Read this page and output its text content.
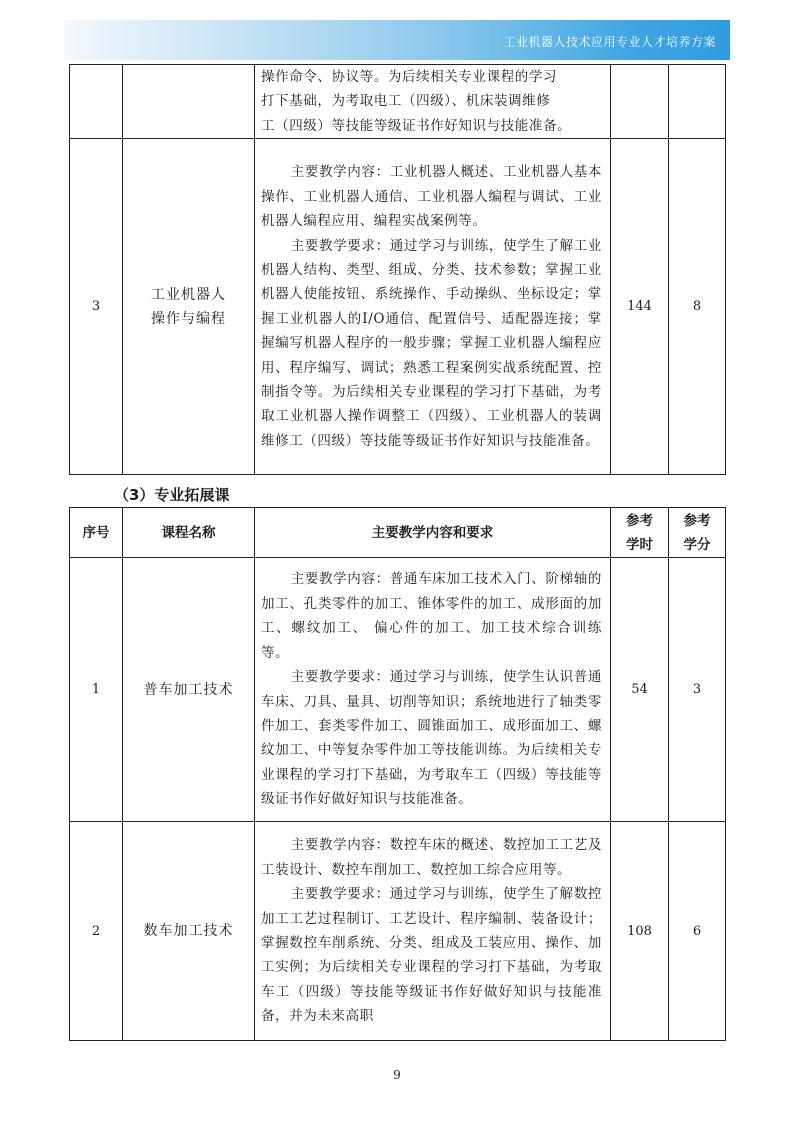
工业机器人技术应用专业人才培养方案

		操作命令、协议等。为后续相关专业课程的学习
打下基础，为考取电工（四级）、机床装调维修
工（四级）等技能等级证书作好知识与技能准备。		

3	工业机器人操作与编程	主要教学内容：工业机器人概述、工业机器人基本操作、工业机器人通信、工业机器人编程与调试、工业机器人编程应用、编程实战案例等。

主要教学要求：通过学习与训练，使学生了解工业机器人结构、类型、组成、分类、技术参数；掌握工业机器人使能按钮、系统操作、手动操纵、坐标设定；掌握工业机器人的I/O通信、配置信号、适配器连接；掌握编写机器人程序的一般步骤；掌握工业机器人编程应用、程序编写、调试；熟悉工程案例实战系统配置、控制指令等。为后续相关专业课程的学习打下基础，为考取工业机器人操作调整工（四级）、工业机器人的装调维修工（四级）等技能等级证书作好知识与技能准备。	144	8
（3）专业拓展课
序号	课程名称	主要教学内容和要求	参考学时	参考学分

1	普车加工技术	主要教学内容：普通车床加工技术入门、阶梯轴的加工、孔类零件的加工、锥体零件的加工、成形面的加工、螺纹加工、 偏心件的加工、加工技术综合训练等。

主要教学要求：通过学习与训练，使学生认识普通车床、刀具、量具、切削等知识；系统地进行了轴类零件加工、套类零件加工、圆锥面加工、成形面加工、螺纹加工、中等复杂零件加工等技能训练。为后续相关专业课程的学习打下基础，为考取车工（四级）等技能等级证书作好做好知识与技能准备。	54	3
2	数车加工技术	主要教学内容：数控车床的概述、数控加工工艺及工装设计、数控车削加工、数控加工综合应用等。

主要教学要求：通过学习与训练，使学生了解数控加工工艺过程制订、工艺设计、程序编制、装备设计；掌握数控车削系统、分类、组成及工装应用、操作、加工实例；为后续相关专业课程的学习打下基础，为考取车工（四级）等技能等级证书作好做好知识与技能准备，并为未来高职	108	6
9
